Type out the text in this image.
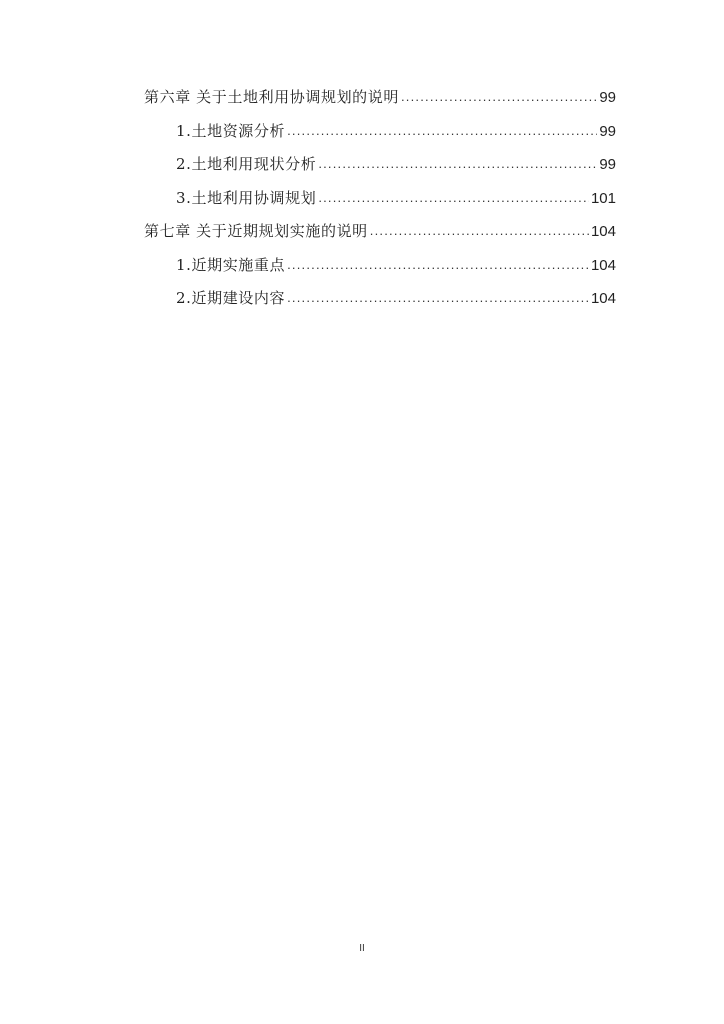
第六章 关于土地利用协调规划的说明 .....	99
1.土地资源分析 .....	99
2.土地利用现状分析 .....	99
3.土地利用协调规划 .....	101
第七章 关于近期规划实施的说明 .....	104
1.近期实施重点 .....	104
2.近期建设内容 .....	104
II
